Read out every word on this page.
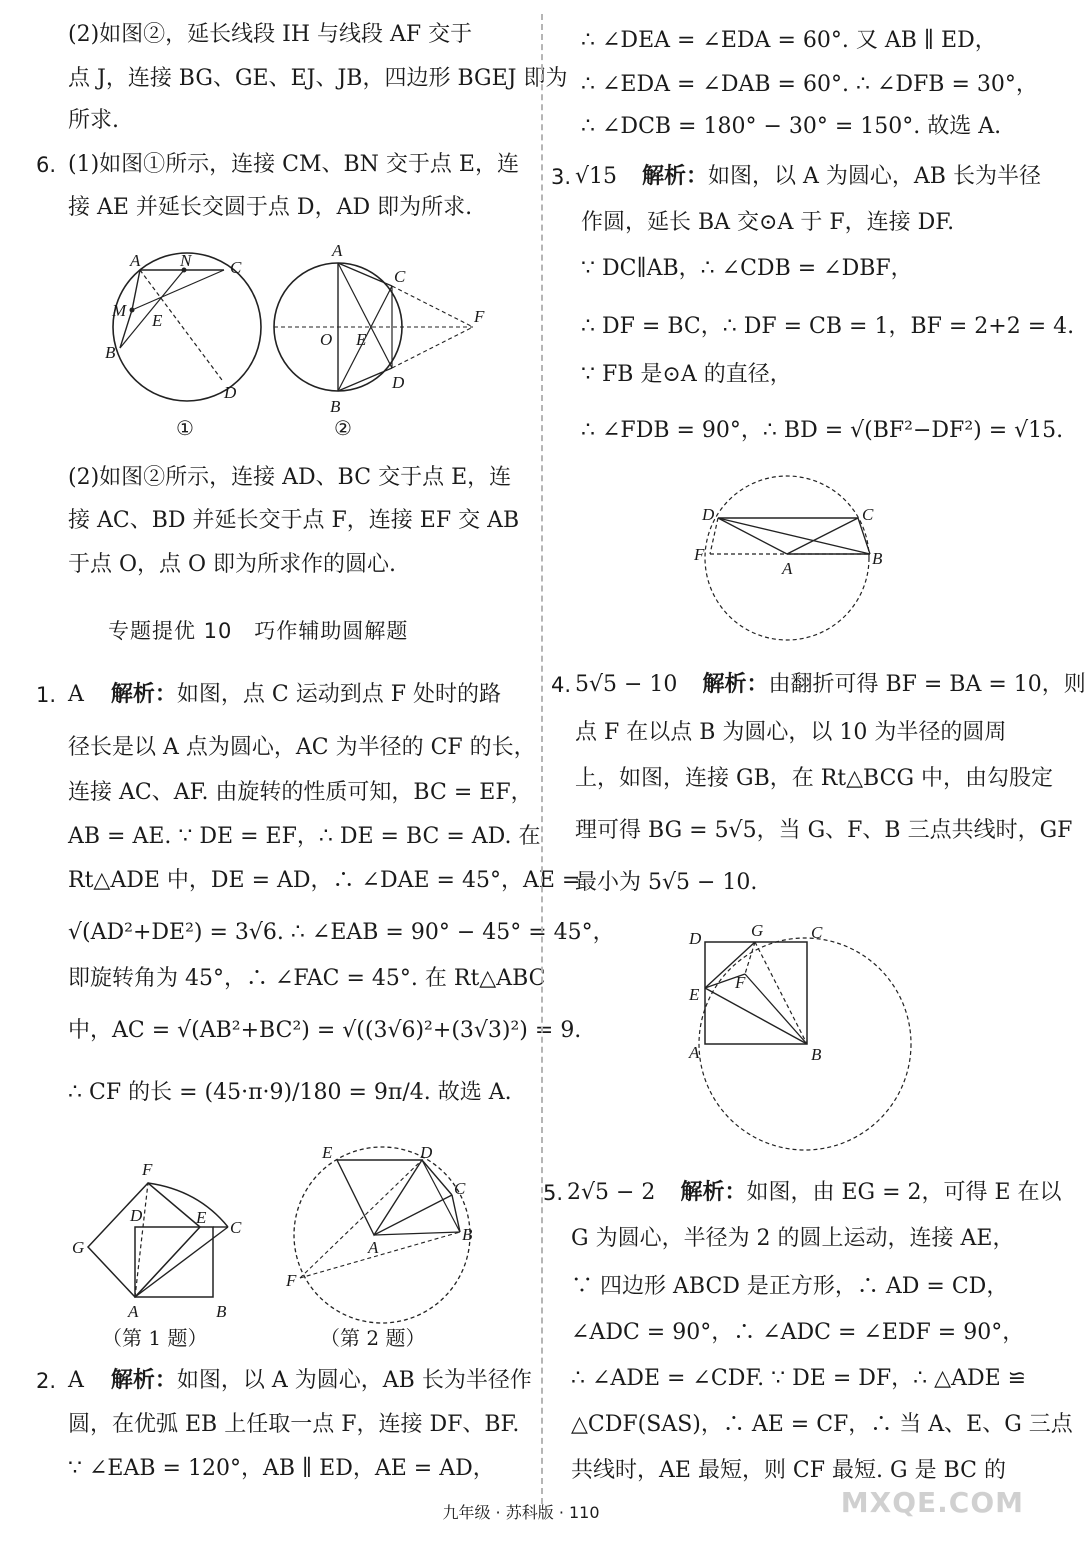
(2)如图②，延长线段 IH 与线段 AF 交于
点 J，连接 BG、GE、EJ、JB，四边形 BGEJ 即为
所求.
6. (1)如图①所示，连接 CM、BN 交于点 E，连
接 AE 并延长交圆于点 D，AD 即为所求.
A N C
M
E
B
D
①
A
C
O E
F
D
B
②
(2)如图②所示，连接 AD、BC 交于点 E，连
接 AC、BD 并延长交于点 F，连接 EF 交 AB
于点 O，点 O 即为所求作的圆心.
专题提优 10　巧作辅助圆解题
1. A 解析：如图，点 C 运动到点 F 处时的路
径长是以 A 点为圆心，AC 为半径的 CF 的长，
连接 AC、AF. 由旋转的性质可知，BC = EF，
AB = AE. ∵ DE = EF，∴ DE = BC = AD. 在
Rt△ADE 中，DE = AD，∴ ∠DAE = 45°，AE =
√(AD²+DE²) = 3√6. ∴ ∠EAB = 90° − 45° = 45°，
即旋转角为 45°，∴ ∠FAC = 45°. 在 Rt△ABC
中，AC = √(AB²+BC²) = √((3√6)²+(3√3)²) = 9.
∴ CF 的长 = (45·π·9)/180 = 9π/4. 故选 A.
F
D	E
C
G
A	B
（第 1 题）
E	D
C
B
A
F
（第 2 题）
2. A 解析：如图，以 A 为圆心，AB 长为半径作
圆，在优弧 EB 上任取一点 F，连接 DF、BF.
∵ ∠EAB = 120°，AB ∥ ED，AE = AD，
∴ ∠DEA = ∠EDA = 60°. 又 AB ∥ ED，
∴ ∠EDA = ∠DAB = 60°. ∴ ∠DFB = 30°，
∴ ∠DCB = 180° − 30° = 150°. 故选 A.
3. √15 解析：如图，以 A 为圆心，AB 长为半径
作圆，延长 BA 交⊙A 于 F，连接 DF.
∵ DC∥AB，∴ ∠CDB = ∠DBF，
∴ DF = BC，∴ DF = CB = 1，BF = 2+2 = 4.
∵ FB 是⊙A 的直径，
∴ ∠FDB = 90°，∴ BD = √(BF²−DF²) = √15.
D	C
F
A
B
4. 5√5 − 10 解析：由翻折可得 BF = BA = 10，则
点 F 在以点 B 为圆心，以 10 为半径的圆周
上，如图，连接 GB，在 Rt△BCG 中，由勾股定
理可得 BG = 5√5，当 G、F、B 三点共线时，GF
最小为 5√5 − 10.
D	G	C
F
E
A	B
5. 2√5 − 2 解析：如图，由 EG = 2，可得 E 在以
G 为圆心，半径为 2 的圆上运动，连接 AE，
∵ 四边形 ABCD 是正方形，∴ AD = CD，
∠ADC = 90°，∴ ∠ADC = ∠EDF = 90°，
∴ ∠ADE = ∠CDF. ∵ DE = DF，∴ △ADE ≌
△CDF(SAS)，∴ AE = CF，∴ 当 A、E、G 三点
共线时，AE 最短，则 CF 最短. G 是 BC 的
九年级 · 苏科版 · 110	MXQE.COM
